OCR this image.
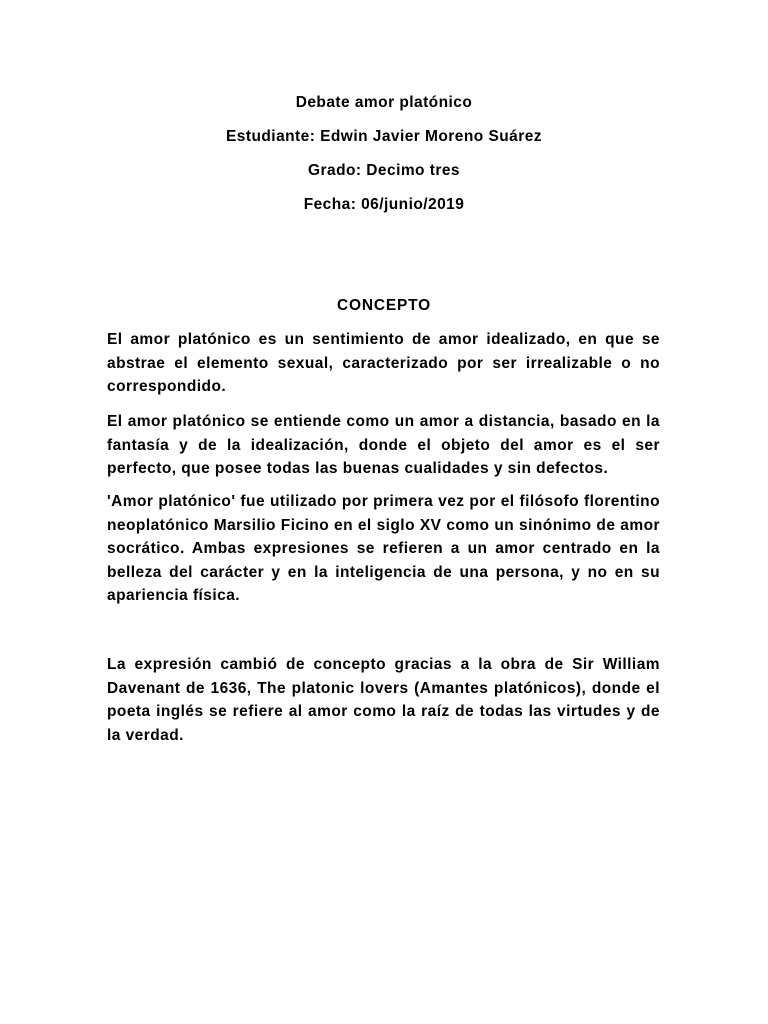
Debate amor platónico

Estudiante: Edwin Javier Moreno Suárez

Grado: Decimo tres

Fecha: 06/junio/2019

CONCEPTO

El amor platónico es un sentimiento de amor idealizado, en que se abstrae el elemento sexual, caracterizado por ser irrealizable o no correspondido.

El amor platónico se entiende como un amor a distancia, basado en la fantasía y de la idealización, donde el objeto del amor es el ser perfecto, que posee todas las buenas cualidades y sin defectos.

'Amor platónico' fue utilizado por primera vez por el filósofo florentino neoplatónico Marsilio Ficino en el siglo XV como un sinónimo de amor socrático. Ambas expresiones se refieren a un amor centrado en la belleza del carácter y en la inteligencia de una persona, y no en su apariencia física.

La expresión cambió de concepto gracias a la obra de Sir William Davenant de 1636, The platonic lovers (Amantes platónicos), donde el poeta inglés se refiere al amor como la raíz de todas las virtudes y de la verdad.
